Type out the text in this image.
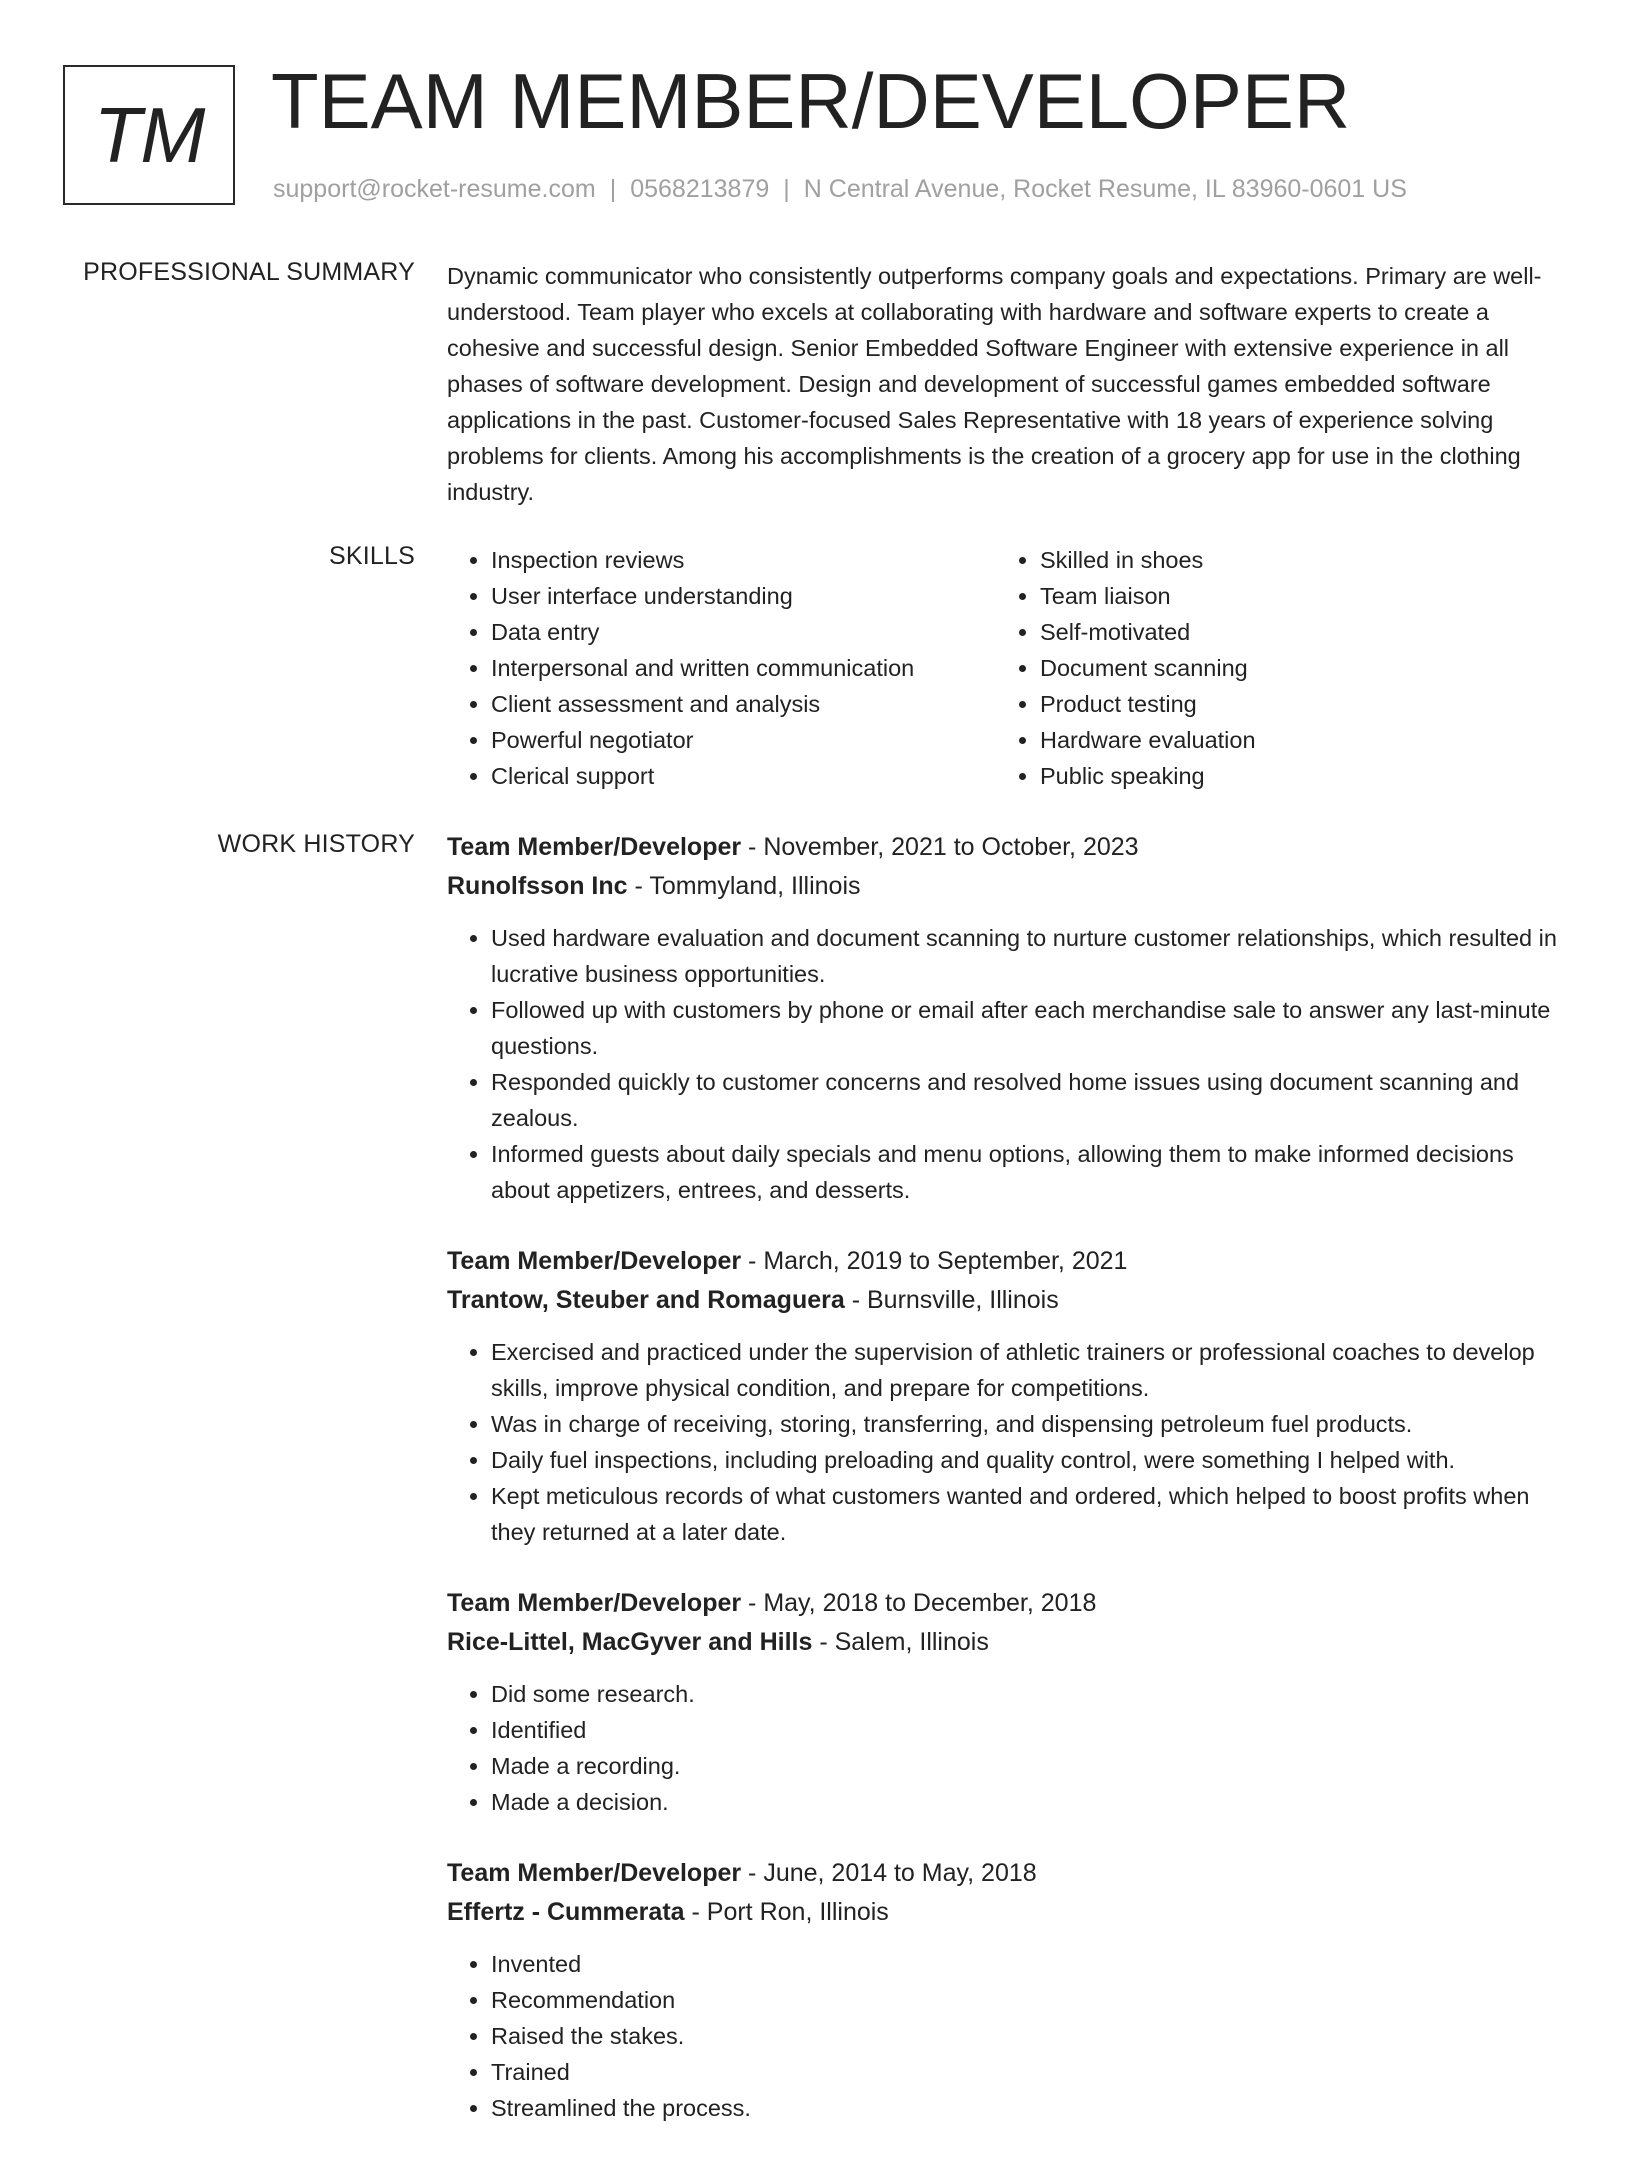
TM TEAM MEMBER/DEVELOPER
support@rocket-resume.com | 0568213879 | N Central Avenue, Rocket Resume, IL 83960-0601 US
PROFESSIONAL SUMMARY Dynamic communicator who consistently outperforms company goals and expectations. Primary are well-understood. Team player who excels at collaborating with hardware and software experts to create a cohesive and successful design. Senior Embedded Software Engineer with extensive experience in all phases of software development. Design and development of successful games embedded software applications in the past. Customer-focused Sales Representative with 18 years of experience solving problems for clients. Among his accomplishments is the creation of a grocery app for use in the clothing industry.

SKILLS
•	Inspection reviews
• User interface understanding
• Data entry
• Interpersonal and written communication
• Client assessment and analysis
• Powerful negotiator
• Clerical support
• Skilled in shoes
• Team liaison
• Self-motivated
• Document scanning
• Product testing
• Hardware evaluation
• Public speaking
WORK HISTORY Team Member/Developer - November, 2021 to October, 2023
Runolfsson Inc - Tommyland, Illinois
• Used hardware evaluation and document scanning to nurture customer relationships, which resulted in lucrative business opportunities.
• Followed up with customers by phone or email after each merchandise sale to answer any last-minute questions.
• Responded quickly to customer concerns and resolved home issues using document scanning and zealous.
• Informed guests about daily specials and menu options, allowing them to make informed decisions about appetizers, entrees, and desserts.
Team Member/Developer - March, 2019 to September, 2021
Trantow, Steuber and Romaguera - Burnsville, Illinois
• Exercised and practiced under the supervision of athletic trainers or professional coaches to develop skills, improve physical condition, and prepare for competitions.
• Was in charge of receiving, storing, transferring, and dispensing petroleum fuel products.
• Daily fuel inspections, including preloading and quality control, were something I helped with.
• Kept meticulous records of what customers wanted and ordered, which helped to boost profits when they returned at a later date.
Team Member/Developer - May, 2018 to December, 2018
Rice-Littel, MacGyver and Hills - Salem, Illinois
• Did some research.
• Identified
• Made a recording.
• Made a decision.
Team Member/Developer - June, 2014 to May, 2018
Effertz - Cummerata - Port Ron, Illinois
• Invented
• Recommendation
• Raised the stakes.
• Trained
• Streamlined the process.
